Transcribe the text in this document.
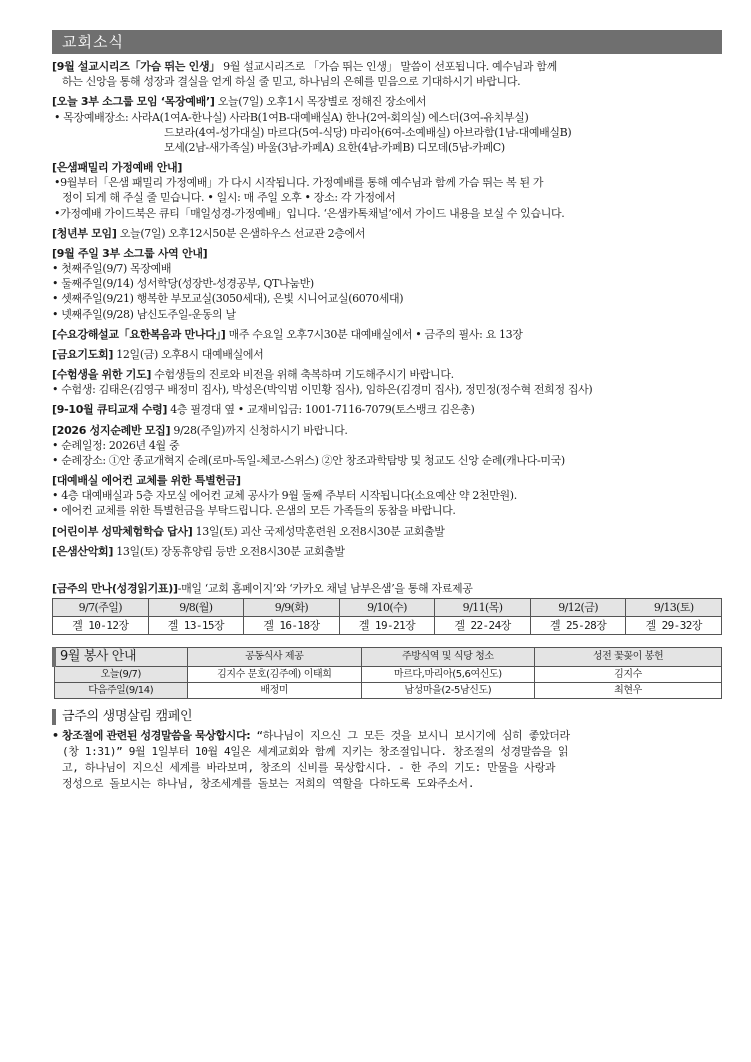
교회소식
[9월 설교시리즈「가슴 뛰는 인생」 9월 설교시리즈로 「가슴 뛰는 인생」 말씀이 선포됩니다. 예수님과 함께
하는 신앙을 통해 성장과 결실을 얻게 하실 줄 믿고, 하나님의 은혜를 믿음으로 기대하시기 바랍니다.
[오늘 3부 소그룹 모임 ‘목장예배’] 오늘(7일) 오후1시 목장별로 정해진 장소에서
• 목장예배장소: 사라A(1여A-한나실) 사라B(1여B-대예배실A) 한나(2여-회의실) 에스더(3여-유치부실)
드보라(4여-성가대실) 마르다(5여-식당) 마리아(6여-소예배실) 아브라함(1남-대예배실B)
모세(2남-새가족실) 바울(3남-카페A) 요한(4남-카페B) 디모데(5남-카페C)
[은샘패밀리 가정예배 안내]
•9월부터「은샘 패밀리 가정예배」가 다시 시작됩니다. 가정예배를 통해 예수님과 함께 가슴 뛰는 복 된 가
정이 되게 해 주실 줄 믿습니다. • 일시: 매 주일 오후 • 장소: 각 가정에서
•가정예배 가이드북은 큐티「매일성경-가정예배」입니다. ‘은샘카톡채널’에서 가이드 내용을 보실 수 있습니다.
[청년부 모임] 오늘(7일) 오후12시50분 은샘하우스 선교관 2층에서
[9월 주일 3부 소그룹 사역 안내]
• 첫째주일(9/7) 목장예배
• 둘째주일(9/14) 성서학당(성장반-성경공부, QT나눔반)
• 셋째주일(9/21) 행복한 부모교실(3050세대), 은빛 시니어교실(6070세대)
• 넷째주일(9/28) 남신도주일-운동의 날
[수요강해설교「요한복음과 만나다」] 매주 수요일 오후7시30분 대예배실에서 • 금주의 필사: 요 13장
[금요기도회] 12일(금) 오후8시 대예배실에서
[수험생을 위한 기도] 수험생들의 진로와 비전을 위해 축복하며 기도해주시기 바랍니다.
• 수험생: 김태은(김영구 배정미 집사), 박성은(박익범 이민황 집사), 임하은(김경미 집사), 정민정(정수혁 전희정 집사)
[9-10월 큐티교재 수령] 4층 필경대 옆 • 교재비입금: 1001-7116-7079(토스뱅크 김은총)
[2026 성지순례반 모집] 9/28(주일)까지 신청하시기 바랍니다.
• 순례일정: 2026년 4월 중
• 순례장소: ①안 종교개혁지 순례(로마-독일-체코-스위스) ②안 창조과학탐방 및 청교도 신앙 순례(캐나다-미국)
[대예배실 에어컨 교체를 위한 특별헌금]
• 4층 대예배실과 5층 자모실 에어컨 교체 공사가 9월 둘째 주부터 시작됩니다(소요예산 약 2천만원).
• 에어컨 교체를 위한 특별헌금을 부탁드립니다. 은샘의 모든 가족들의 동참을 바랍니다.
[어린이부 성막체험학습 답사] 13일(토) 괴산 국제성막훈련원 오전8시30분 교회출발
[은샘산악회] 13일(토) 장동휴양림 등반 오전8시30분 교회출발
[금주의 만나(성경읽기표)]-매일 ‘교회 홈페이지’와 ‘카카오 채널 남부은샘’을 통해 자료제공
9/7(주일)	9/8(월)	9/9(화)	9/10(수)	9/11(목)	9/12(금)	9/13(토)
겔 10-12장	겔 13-15장	겔 16-18장	겔 19-21장	겔 22-24장	겔 25-28장	겔 29-32장
9월 봉사 안내	공동식사 제공	주방식역 및 식당 청소	성전 꽃꽂이 봉헌
오늘(9/7)	김지수 문호(김주예) 이태희	마르다,마리아(5,6여신도)	김지수
다음주일(9/14)	배정미	남성마을(2-5남신도)	최현우
금주의 생명살림 캠페인
• 창조절에 관련된 성경말씀을 묵상합시다: “하나님이 지으신 그 모든 것을 보시니 보시기에 심히 좋았더라
(창 1:31)” 9월 1일부터 10월 4일은 세계교회와 함께 지키는 창조절입니다. 창조절의 성경말씀을 읽
고, 하나님이 지으신 세계를 바라보며, 창조의 신비를 묵상합시다. - 한 주의 기도: 만물을 사랑과
정성으로 돌보시는 하나님, 창조세계를 돌보는 저희의 역할을 다하도록 도와주소서.
